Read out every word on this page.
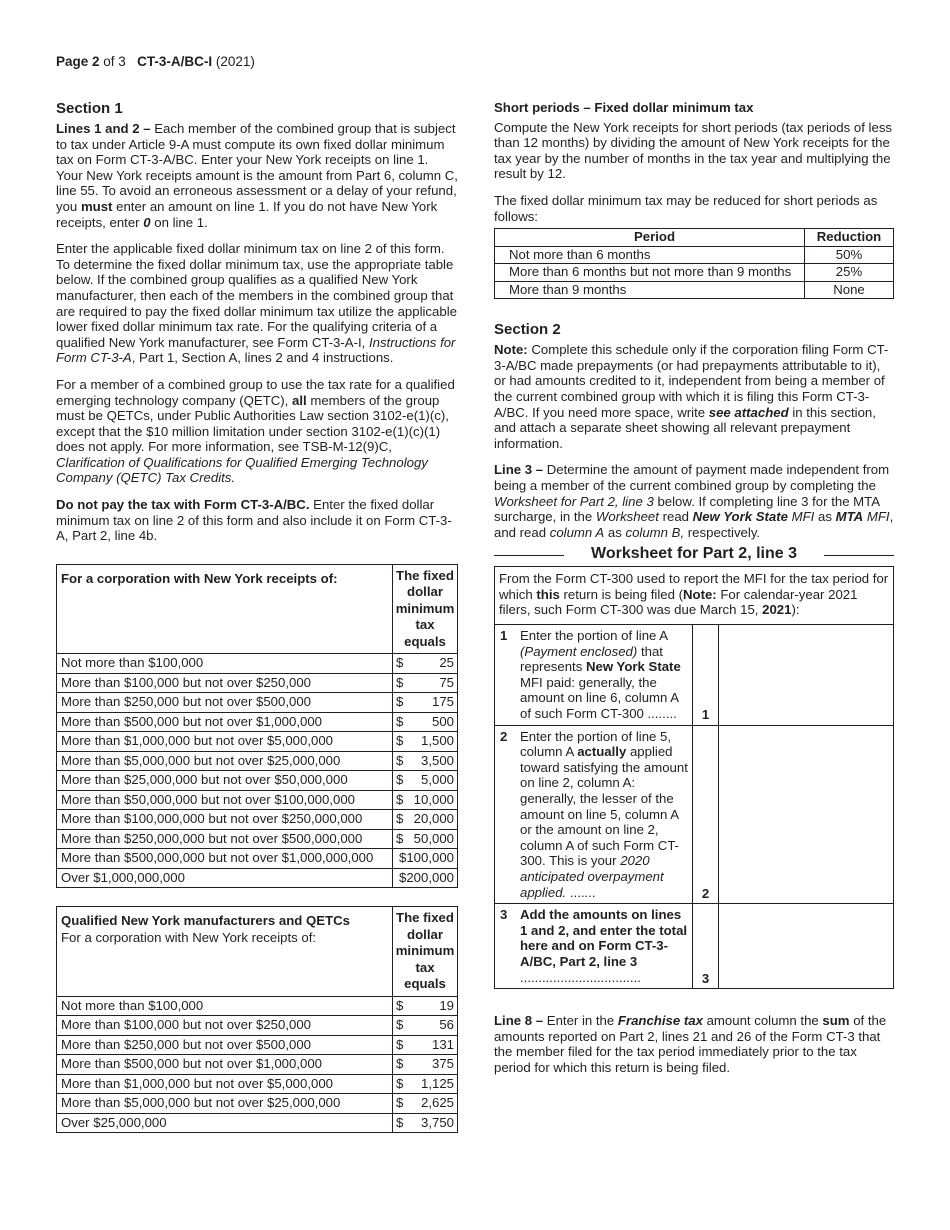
Page 2 of 3 CT-3-A/BC-I (2021)
Section 1

Lines 1 and 2 – Each member of the combined group that is subject to tax under Article 9-A must compute its own fixed dollar minimum tax on Form CT-3-A/BC. Enter your New York receipts on line 1. Your New York receipts amount is the amount from Part 6, column C, line 55. To avoid an erroneous assessment or a delay of your refund, you must enter an amount on line 1. If you do not have New York receipts, enter 0 on line 1.

Enter the applicable fixed dollar minimum tax on line 2 of this form. To determine the fixed dollar minimum tax, use the appropriate table below. If the combined group qualifies as a qualified New York manufacturer, then each of the members in the combined group that are required to pay the fixed dollar minimum tax utilize the applicable lower fixed dollar minimum tax rate. For the qualifying criteria of a qualified New York manufacturer, see Form CT-3-A-I, Instructions for Form CT-3-A, Part 1, Section A, lines 2 and 4 instructions.

For a member of a combined group to use the tax rate for a qualified emerging technology company (QETC), all members of the group must be QETCs, under Public Authorities Law section 3102-e(1)(c), except that the $10 million limitation under section 3102-e(1)(c)(1) does not apply. For more information, see TSB-M-12(9)C, Clarification of Qualifications for Qualified Emerging Technology Company (QETC) Tax Credits.

Do not pay the tax with Form CT-3-A/BC. Enter the fixed dollar minimum tax on line 2 of this form and also include it on Form CT-3-A, Part 2, line 4b.

For a corporation with New York receipts of:	The fixed dollar minimum tax equals
Not more than $100,000	$ 25

More than $100,000 but not over $250,000	$ 75

More than $250,000 but not over $500,000	$ 175

More than $500,000 but not over $1,000,000	$ 500

More than $1,000,000 but not over $5,000,000	$ 1,500

More than $5,000,000 but not over $25,000,000	$ 3,500

More than $25,000,000 but not over $50,000,000	$ 5,000

More than $50,000,000 but not over $100,000,000	$ 10,000

More than $100,000,000 but not over $250,000,000	$ 20,000

More than $250,000,000 but not over $500,000,000	$ 50,000

More than $500,000,000 but not over $1,000,000,000	$100,000

Over $1,000,000,000	$200,000
Qualified New York manufacturers and QETCs
For a corporation with New York receipts of:	The fixed dollar minimum tax equals
Not more than $100,000	$ 19

More than $100,000 but not over $250,000	$ 56

More than $250,000 but not over $500,000	$ 131

More than $500,000 but not over $1,000,000	$ 375

More than $1,000,000 but not over $5,000,000	$ 1,125

More than $5,000,000 but not over $25,000,000	$ 2,625

Over $25,000,000	$ 3,750
Short periods – Fixed dollar minimum tax

Compute the New York receipts for short periods (tax periods of less than 12 months) by dividing the amount of New York receipts for the tax year by the number of months in the tax year and multiplying the result by 12.

The fixed dollar minimum tax may be reduced for short periods as follows:

Period	Reduction
Not more than 6 months	50%
More than 6 months but not more than 9 months	25%
More than 9 months	None
Section 2

Note: Complete this schedule only if the corporation filing Form CT-3-A/BC made prepayments (or had prepayments attributable to it), or had amounts credited to it, independent from being a member of the current combined group with which it is filing this Form CT-3-A/BC. If you need more space, write see attached in this section, and attach a separate sheet showing all relevant prepayment information.

Line 3 – Determine the amount of payment made independent from being a member of the current combined group by completing the Worksheet for Part 2, line 3 below. If completing line 3 for the MTA surcharge, in the Worksheet read New York State MFI as MTA MFI, and read column A as column B, respectively.

Worksheet for Part 2, line 3
From the Form CT-300 used to report the MFI for the tax period for which this return is being filed (Note: For calendar-year 2021 filers, such Form CT-300 was due March 15, 2021):
1 Enter the portion of line A (Payment enclosed) that represents New York State MFI paid: generally, the amount on line 6, column A of such Form CT-300 ........	1
2 Enter the portion of line 5, column A actually applied toward satisfying the amount on line 2, column A: generally, the lesser of the amount on line 5, column A or the amount on line 2, column A of such Form CT-300. This is your 2020 anticipated overpayment applied. .......	2
3 Add the amounts on lines 1 and 2, and enter the total here and on Form CT-3-A/BC, Part 2, line 3 .................................	3

Line 8 – Enter in the Franchise tax amount column the sum of the amounts reported on Part 2, lines 21 and 26 of the Form CT-3 that the member filed for the tax period immediately prior to the tax period for which this return is being filed.
